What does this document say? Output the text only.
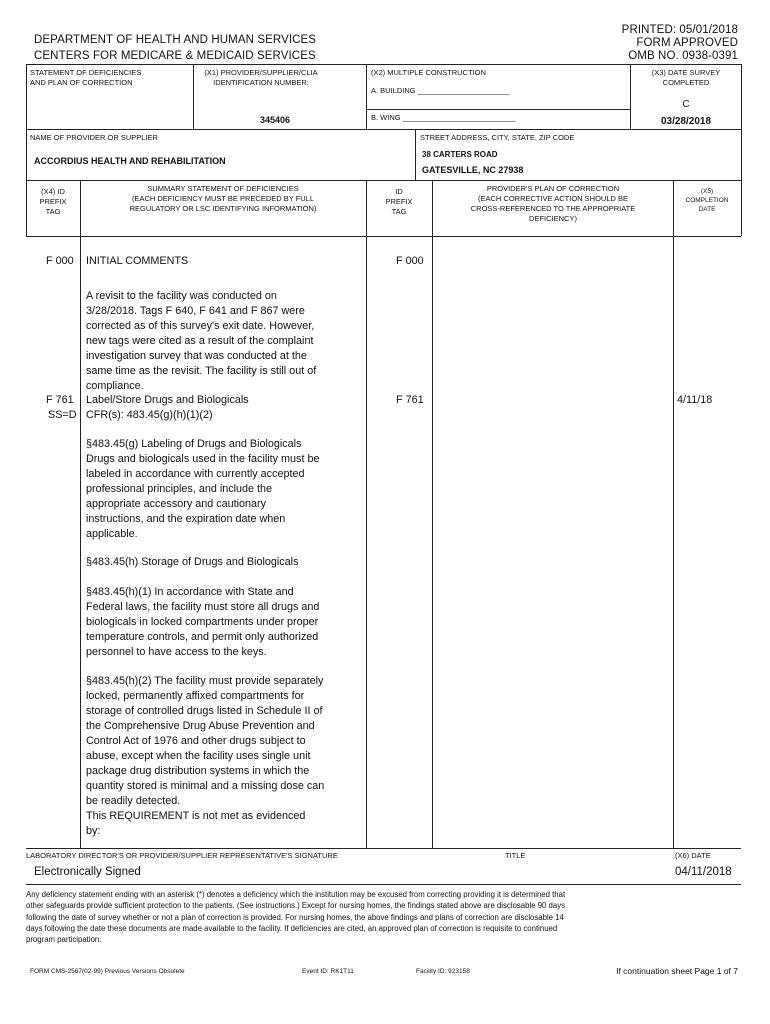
DEPARTMENT OF HEALTH AND HUMAN SERVICES
CENTERS FOR MEDICARE & MEDICAID SERVICES
PRINTED: 05/01/2018
FORM APPROVED
OMB NO. 0938-0391
STATEMENT OF DEFICIENCIES
AND PLAN OF CORRECTION
(X1) PROVIDER/SUPPLIER/CLIA
IDENTIFICATION NUMBER:
345406
(X2) MULTIPLE CONSTRUCTION
A. BUILDING ______________________
B. WING ___________________________
(X3) DATE SURVEY
COMPLETED
C
03/28/2018
NAME OF PROVIDER OR SUPPLIER
ACCORDIUS HEALTH AND REHABILITATION
STREET ADDRESS, CITY, STATE, ZIP CODE
38 CARTERS ROAD
GATESVILLE, NC 27938
(X4) ID
PREFIX
TAG
SUMMARY STATEMENT OF DEFICIENCIES
(EACH DEFICIENCY MUST BE PRECEDED BY FULL
REGULATORY OR LSC IDENTIFYING INFORMATION)
ID
PREFIX
TAG
PROVIDER'S PLAN OF CORRECTION
(EACH CORRECTIVE ACTION SHOULD BE
CROSS-REFERENCED TO THE APPROPRIATE
DEFICIENCY)
(X5)
COMPLETION
DATE
F 000	F 000
INITIAL COMMENTS
A revisit to the facility was conducted on
3/28/2018. Tags F 640, F 641 and F 867 were
corrected as of this survey's exit date. However,
new tags were cited as a result of the complaint
investigation survey that was conducted at the
same time as the revisit. The facility is still out of
compliance.
F 761
SS=D
F 761	4/11/18
Label/Store Drugs and Biologicals
CFR(s): 483.45(g)(h)(1)(2)
§483.45(g) Labeling of Drugs and Biologicals
Drugs and biologicals used in the facility must be
labeled in accordance with currently accepted
professional principles, and include the
appropriate accessory and cautionary
instructions, and the expiration date when
applicable.
§483.45(h) Storage of Drugs and Biologicals
§483.45(h)(1) In accordance with State and
Federal laws, the facility must store all drugs and
biologicals in locked compartments under proper
temperature controls, and permit only authorized
personnel to have access to the keys.
§483.45(h)(2) The facility must provide separately
locked, permanently affixed compartments for
storage of controlled drugs listed in Schedule II of
the Comprehensive Drug Abuse Prevention and
Control Act of 1976 and other drugs subject to
abuse, except when the facility uses single unit
package drug distribution systems in which the
quantity stored is minimal and a missing dose can
be readily detected.
This REQUIREMENT is not met as evidenced
by:
LABORATORY DIRECTOR'S OR PROVIDER/SUPPLIER REPRESENTATIVE'S SIGNATURE	TITLE	(X6) DATE
Electronically Signed	04/11/2018
Any deficiency statement ending with an asterisk (*) denotes a deficiency which the institution may be excused from correcting providing it is determined that
other safeguards provide sufficient protection to the patients. (See instructions.) Except for nursing homes, the findings stated above are disclosable 90 days
following the date of survey whether or not a plan of correction is provided. For nursing homes, the above findings and plans of correction are disclosable 14
days following the date these documents are made available to the facility. If deficiencies are cited, an approved plan of correction is requisite to continued
program participation.
FORM CMS-2567(02-99) Previous Versions Obsolete	Event ID: RK1T11	Facility ID: 923158	If continuation sheet Page 1 of 7
